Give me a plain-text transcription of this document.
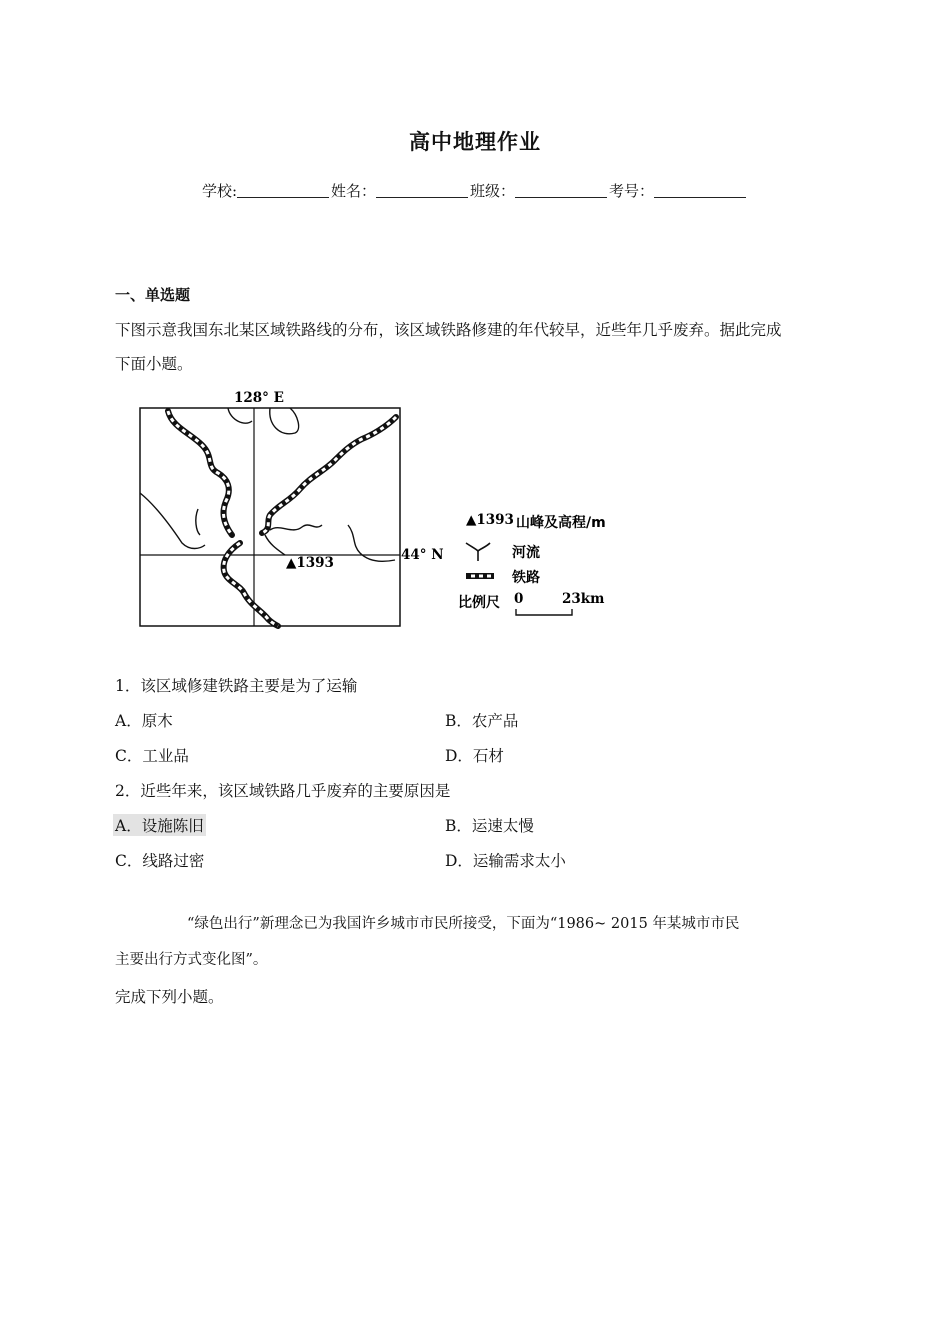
高中地理作业
学校:	姓名：	班级：	考号：
一、单选题
下图示意我国东北某区域铁路线的分布，该区域铁路修建的年代较早，近些年几乎废弃。据此完成
下面小题。
128° E
44° N
▲1393
▲1393 山峰及高程/m
河流
铁路
比例尺 0	23km
1．该区域修建铁路主要是为了运输
A．原木	B．农产品
C．工业品	D．石材
2．近些年来，该区域铁路几乎废弃的主要原因是
A．设施陈旧	B．运速太慢
C．线路过密	D．运输需求太小
“绿色出行”新理念已为我国许乡城市市民所接受，下面为“1986~ 2015 年某城市市民
主要出行方式变化图”。
完成下列小题。
